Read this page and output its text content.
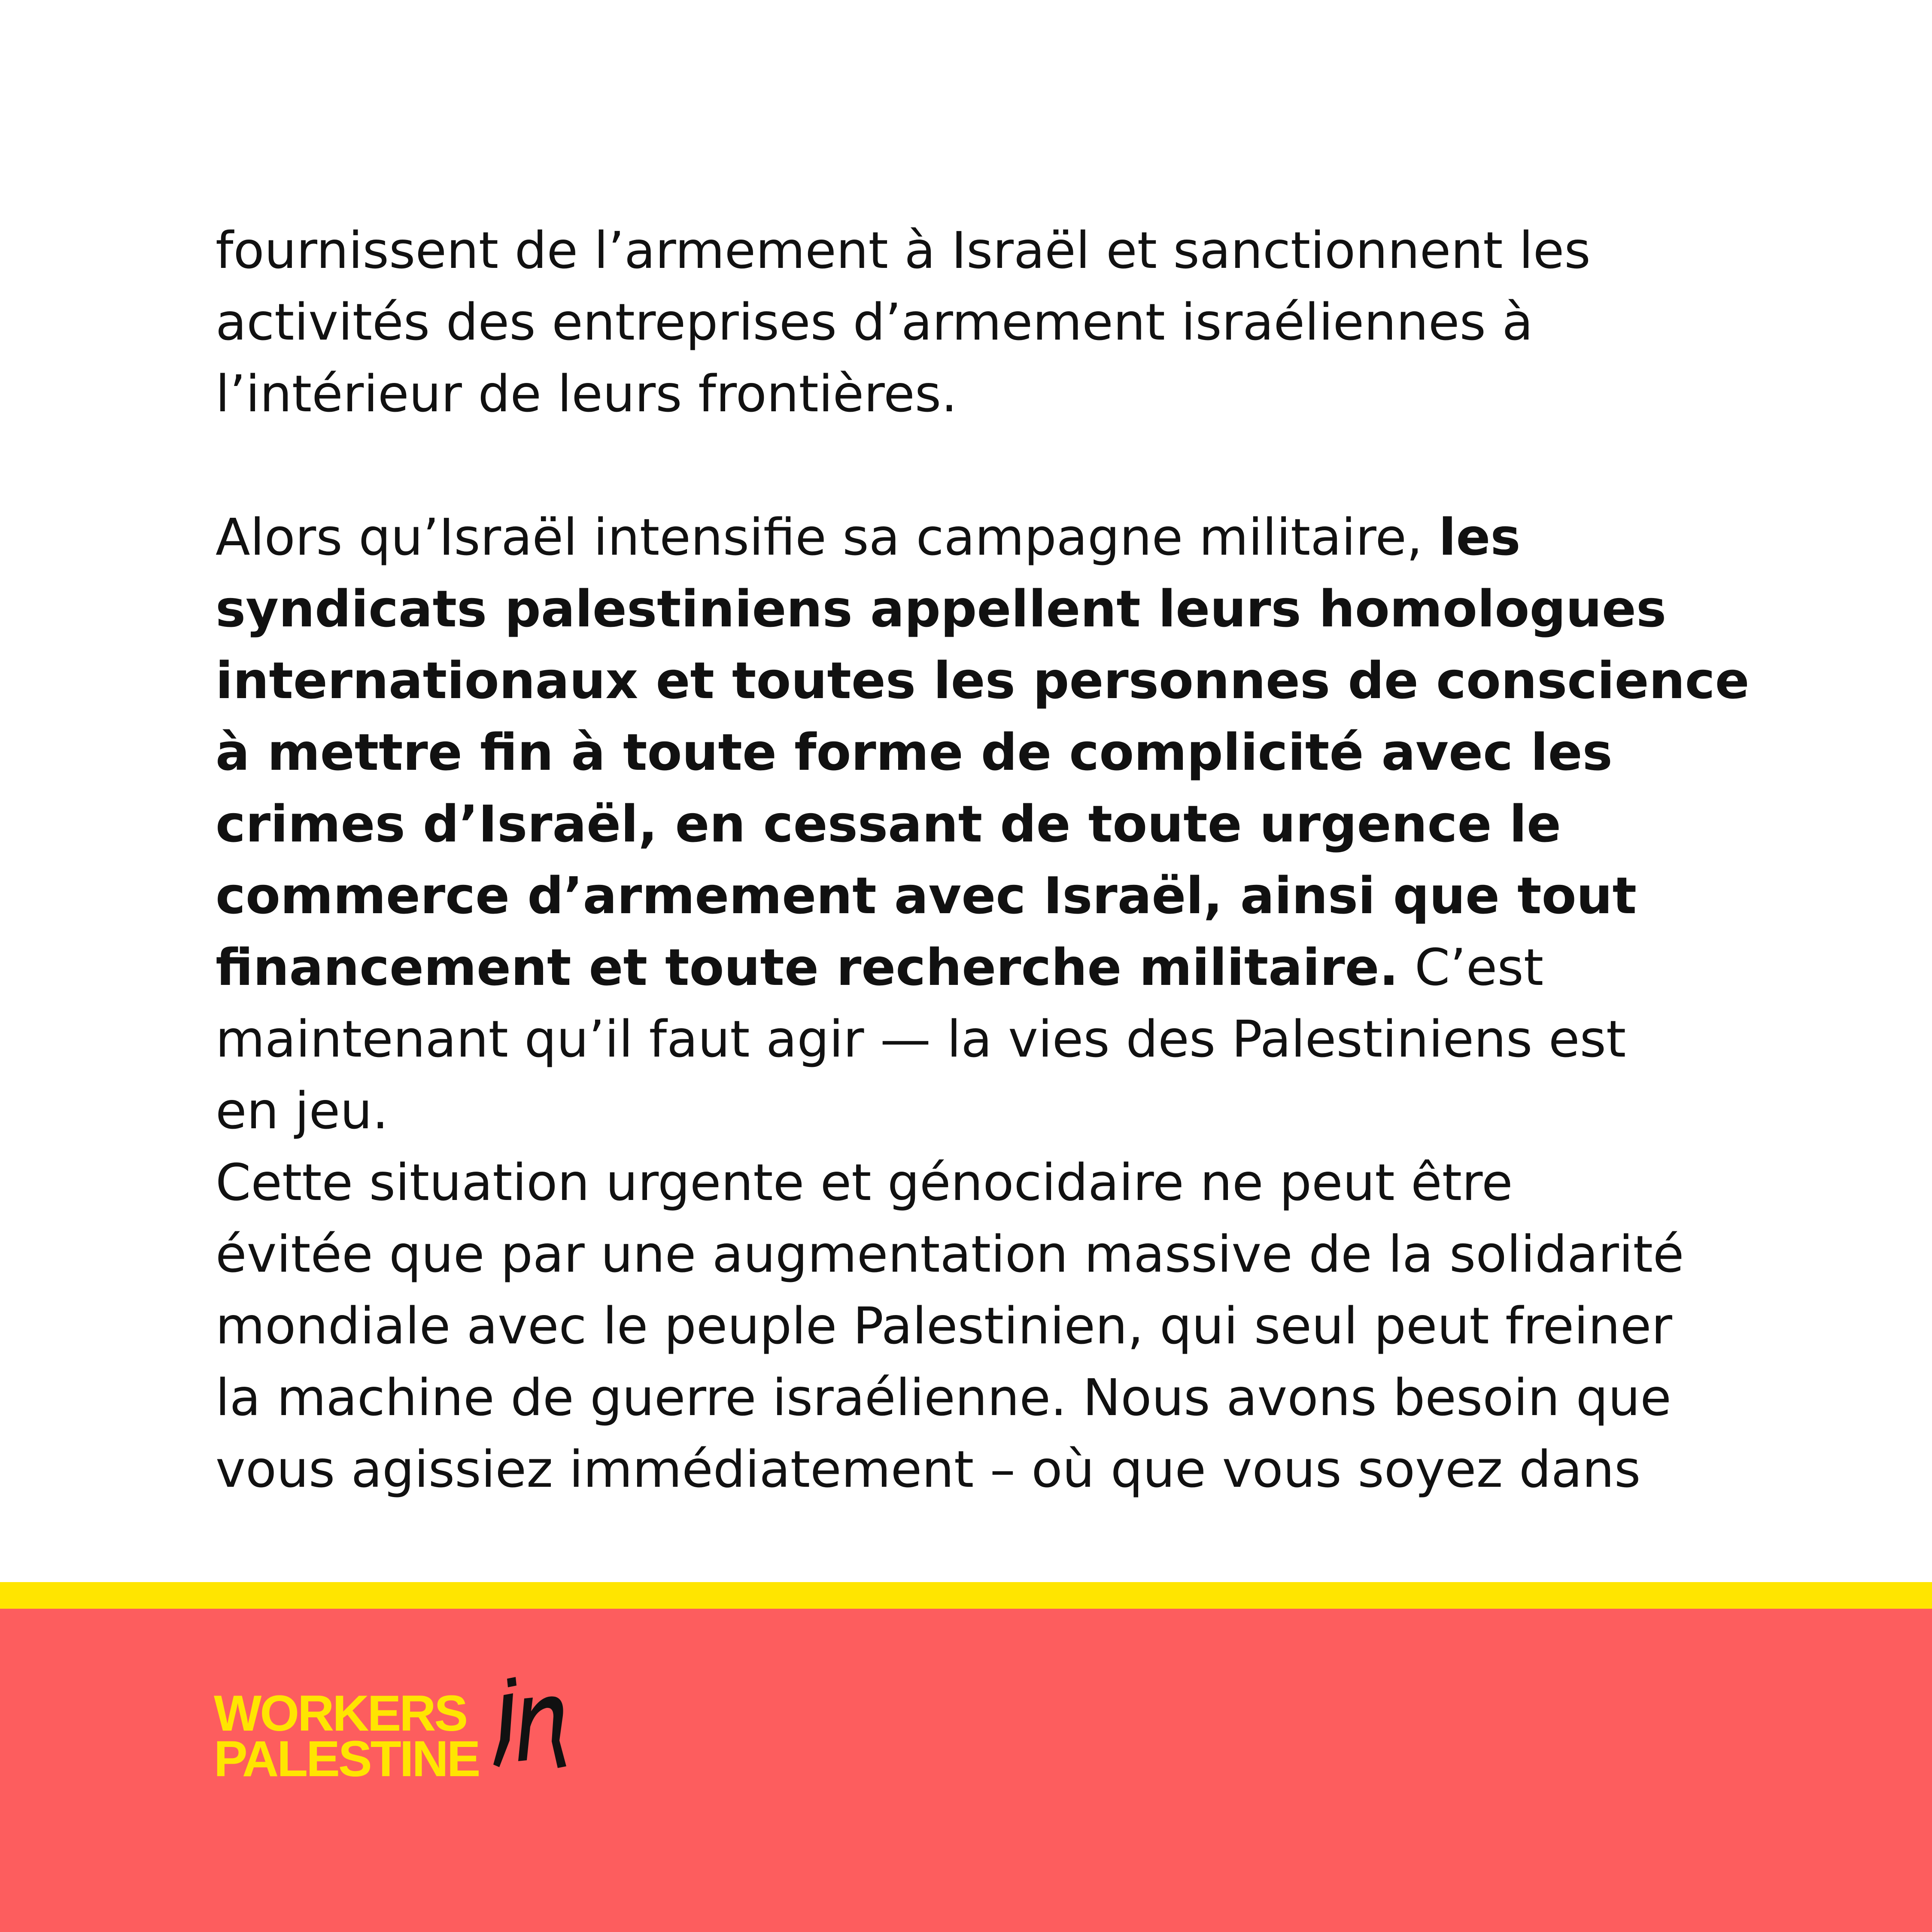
fournissent de l’armement à Israël et sanctionnent les
activités des entreprises d’armement israéliennes à
l’intérieur de leurs frontières.
Alors qu’Israël intensifie sa campagne militaire, les
syndicats palestiniens appellent leurs homologues
internationaux et toutes les personnes de conscience
à mettre fin à toute forme de complicité avec les
crimes d’Israël, en cessant de toute urgence le
commerce d’armement avec Israël, ainsi que tout
financement et toute recherche militaire. C’est
maintenant qu’il faut agir — la vies des Palestiniens est
en jeu.
Cette situation urgente et génocidaire ne peut être
évitée que par une augmentation massive de la solidarité
mondiale avec le peuple Palestinien, qui seul peut freiner
la machine de guerre israélienne. Nous avons besoin que
vous agissiez immédiatement – où que vous soyez dans
WORKERS
PALESTINE
